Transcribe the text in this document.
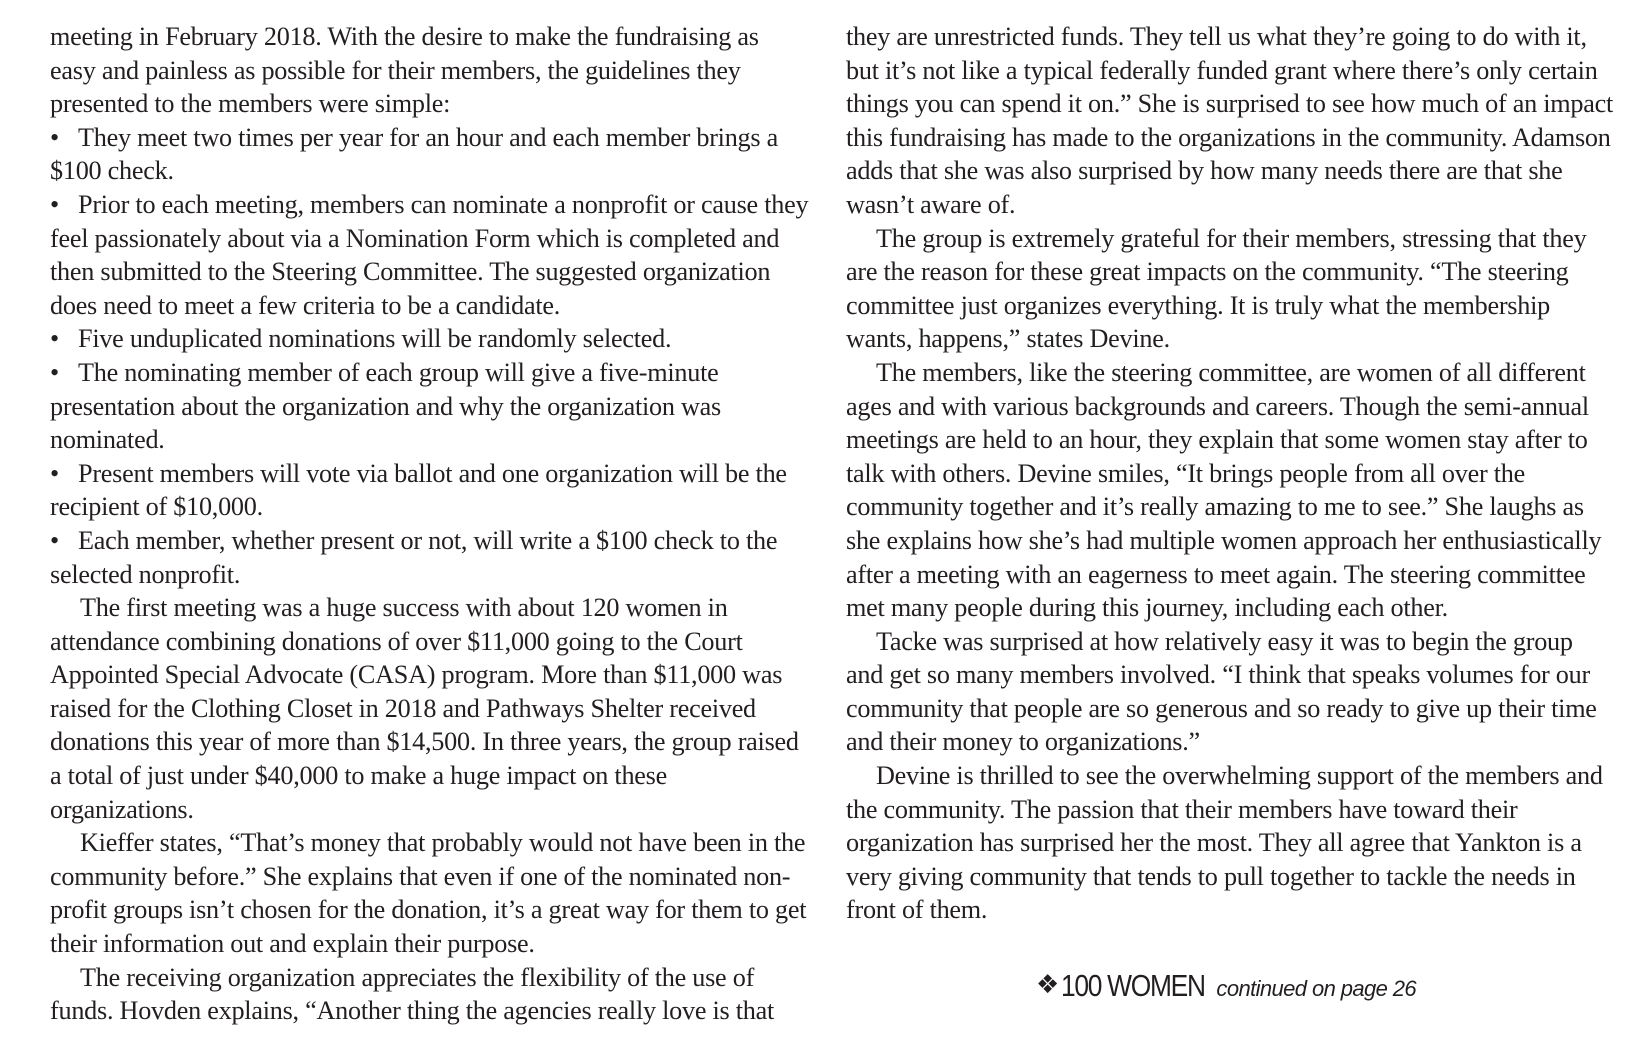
meeting in February 2018. With the desire to make the fundraising as easy and painless as possible for their members, the guidelines they presented to the members were simple:

• They meet two times per year for an hour and each member brings a $100 check.

• Prior to each meeting, members can nominate a nonprofit or cause they feel passionately about via a Nomination Form which is completed and then submitted to the Steering Committee. The suggested organization does need to meet a few criteria to be a candidate.

• Five unduplicated nominations will be randomly selected.

• The nominating member of each group will give a five-minute presentation about the organization and why the organization was nominated.

• Present members will vote via ballot and one organization will be the recipient of $10,000.

• Each member, whether present or not, will write a $100 check to the selected nonprofit.

The first meeting was a huge success with about 120 women in attendance combining donations of over $11,000 going to the Court Appointed Special Advocate (CASA) program. More than $11,000 was raised for the Clothing Closet in 2018 and Pathways Shelter received donations this year of more than $14,500. In three years, the group raised a total of just under $40,000 to make a huge impact on these organizations.

Kieffer states, “That’s money that probably would not have been in the community before.” She explains that even if one of the nominated non-profit groups isn’t chosen for the donation, it’s a great way for them to get their information out and explain their purpose.

The receiving organization appreciates the flexibility of the use of funds. Hovden explains, “Another thing the agencies really love is that

they are unrestricted funds. They tell us what they’re going to do with it, but it’s not like a typical federally funded grant where there’s only certain things you can spend it on.” She is surprised to see how much of an impact this fundraising has made to the organizations in the community. Adamson adds that she was also surprised by how many needs there are that she wasn’t aware of.

The group is extremely grateful for their members, stressing that they are the reason for these great impacts on the community. “The steering committee just organizes everything. It is truly what the membership wants, happens,” states Devine.

The members, like the steering committee, are women of all different ages and with various backgrounds and careers. Though the semi-annual meetings are held to an hour, they explain that some women stay after to talk with others. Devine smiles, “It brings people from all over the community together and it’s really amazing to me to see.” She laughs as she explains how she’s had multiple women approach her enthusiastically after a meeting with an eagerness to meet again. The steering committee met many people during this journey, including each other.

Tacke was surprised at how relatively easy it was to begin the group and get so many members involved. “I think that speaks volumes for our community that people are so generous and so ready to give up their time and their money to organizations.”

Devine is thrilled to see the overwhelming support of the members and the community. The passion that their members have toward their organization has surprised her the most. They all agree that Yankton is a very giving community that tends to pull together to tackle the needs in front of them.

❖100 WOMEN continued on page 26
